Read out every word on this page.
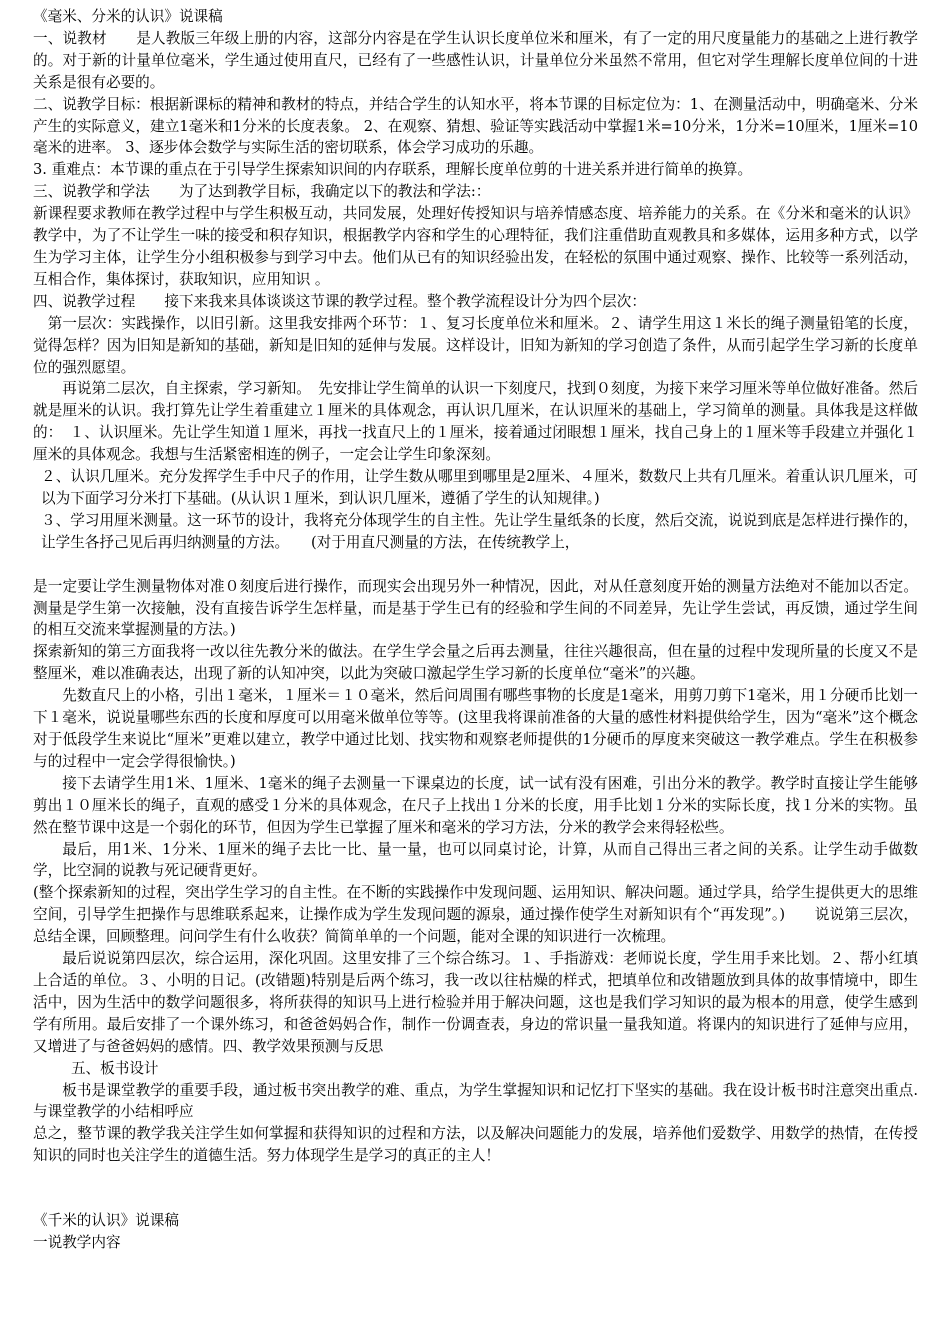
《毫米、分米的认识》说课稿

一、说教材　　是人教版三年级上册的内容，这部分内容是在学生认识长度单位米和厘米，有了一定的用尺度量能力的基础之上进行教学的。对于新的计量单位毫米，学生通过使用直尺，已经有了一些感性认识，计量单位分米虽然不常用，但它对学生理解长度单位间的十进关系是很有必要的。

二、说教学目标：根据新课标的精神和教材的特点，并结合学生的认知水平，将本节课的目标定位为：1、在测量活动中，明确毫米、分米产生的实际意义，建立1毫米和1分米的长度表象。 2、在观察、猜想、验证等实践活动中掌握1米=10分米，1分米=10厘米，1厘米=10毫米的进率。 3、逐步体会数学与实际生活的密切联系，体会学习成功的乐趣。

3. 重难点：本节课的重点在于引导学生探索知识间的内存联系，理解长度单位剪的十进关系并进行简单的换算。

三、说教学和学法　　为了达到教学目标，我确定以下的教法和学法:：

新课程要求教师在教学过程中与学生积极互动，共同发展，处理好传授知识与培养情感态度、培养能力的关系。在《分米和毫米的认识》教学中，为了不让学生一味的接受和积存知识，根据教学内容和学生的心理特征，我们注重借助直观教具和多媒体，运用多种方式，以学生为学习主体，让学生分小组积极参与到学习中去。他们从已有的知识经验出发，在轻松的氛围中通过观察、操作、比较等一系列活动，互相合作，集体探讨，获取知识，应用知识 。

四、说教学过程　　接下来我来具体谈谈这节课的教学过程。整个教学流程设计分为四个层次：

第一层次：实践操作，以旧引新。这里我安排两个环节：１、复习长度单位米和厘米。２、请学生用这１米长的绳子测量铅笔的长度，觉得怎样？因为旧知是新知的基础，新知是旧知的延伸与发展。这样设计，旧知为新知的学习创造了条件，从而引起学生学习新的长度单位的强烈愿望。

再说第二层次，自主探索，学习新知。　先安排让学生简单的认识一下刻度尺，找到０刻度，为接下来学习厘米等单位做好准备。然后就是厘米的认识。我打算先让学生着重建立１厘米的具体观念，再认识几厘米，在认识厘米的基础上，学习简单的测量。具体我是这样做的：　１、认识厘米。先让学生知道１厘米，再找一找直尺上的１厘米，接着通过闭眼想１厘米，找自己身上的１厘米等手段建立并强化１厘米的具体观念。我想与生活紧密相连的例子，一定会让学生印象深刻。

２、认识几厘米。充分发挥学生手中尺子的作用，让学生数从哪里到哪里是2厘米、４厘米，数数尺上共有几厘米。着重认识几厘米，可以为下面学习分米打下基础。(从认识１厘米，到认识几厘米，遵循了学生的认知规律。)

３、学习用厘米测量。这一环节的设计，我将充分体现学生的自主性。先让学生量纸条的长度，然后交流，说说到底是怎样进行操作的，让学生各抒己见后再归纳测量的方法。　　(对于用直尺测量的方法，在传统教学上，

是一定要让学生测量物体对准０刻度后进行操作，而现实会出现另外一种情况，因此，对从任意刻度开始的测量方法绝对不能加以否定。测量是学生第一次接触，没有直接告诉学生怎样量，而是基于学生已有的经验和学生间的不同差异，先让学生尝试，再反馈，通过学生间的相互交流来掌握测量的方法。)

探索新知的第三方面我将一改以往先教分米的做法。在学生学会量之后再去测量，往往兴趣很高，但在量的过程中发现所量的长度又不是整厘米，难以准确表达，出现了新的认知冲突，以此为突破口激起学生学习新的长度单位“毫米”的兴趣。

先数直尺上的小格，引出１毫米，１厘米＝１０毫米，然后问周围有哪些事物的长度是1毫米，用剪刀剪下1毫米，用１分硬币比划一下１毫米，说说量哪些东西的长度和厚度可以用毫米做单位等等。(这里我将课前准备的大量的感性材料提供给学生，因为“毫米”这个概念对于低段学生来说比“厘米”更难以建立，教学中通过比划、找实物和观察老师提供的1分硬币的厚度来突破这一教学难点。学生在积极参与的过程中一定会学得很愉快。)

接下去请学生用1米、1厘米、1毫米的绳子去测量一下课桌边的长度，试一试有没有困难，引出分米的教学。教学时直接让学生能够剪出１０厘米长的绳子，直观的感受１分米的具体观念，在尺子上找出１分米的长度，用手比划１分米的实际长度，找１分米的实物。虽然在整节课中这是一个弱化的环节，但因为学生已掌握了厘米和毫米的学习方法，分米的教学会来得轻松些。

最后，用1米、1分米、1厘米的绳子去比一比、量一量，也可以同桌讨论，计算，从而自己得出三者之间的关系。让学生动手做数学，比空洞的说教与死记硬背更好。

(整个探索新知的过程，突出学生学习的自主性。在不断的实践操作中发现问题、运用知识、解决问题。通过学具，给学生提供更大的思维空间，引导学生把操作与思维联系起来，让操作成为学生发现问题的源泉，通过操作使学生对新知识有个“再发现”。)　　说说第三层次，总结全课，回顾整理。问问学生有什么收获？简简单单的一个问题，能对全课的知识进行一次梳理。

最后说说第四层次，综合运用，深化巩固。这里安排了三个综合练习。１、手指游戏：老师说长度，学生用手来比划。２、帮小红填上合适的单位。３、小明的日记。(改错题)特别是后两个练习，我一改以往枯燥的样式，把填单位和改错题放到具体的故事情境中，即生活中，因为生活中的数学问题很多，将所获得的知识马上进行检验并用于解决问题，这也是我们学习知识的最为根本的用意，使学生感到学有所用。最后安排了一个课外练习，和爸爸妈妈合作，制作一份调查表，身边的常识量一量我知道。将课内的知识进行了延伸与应用，又增进了与爸爸妈妈的感情。四、教学效果预测与反思

五、板书设计

板书是课堂教学的重要手段，通过板书突出教学的难、重点，为学生掌握知识和记忆打下坚实的基础。我在设计板书时注意突出重点.与课堂教学的小结相呼应

总之，整节课的教学我关注学生如何掌握和获得知识的过程和方法，以及解决问题能力的发展，培养他们爱数学、用数学的热情，在传授知识的同时也关注学生的道德生活。努力体现学生是学习的真正的主人！

《千米的认识》说课稿

一说教学内容
